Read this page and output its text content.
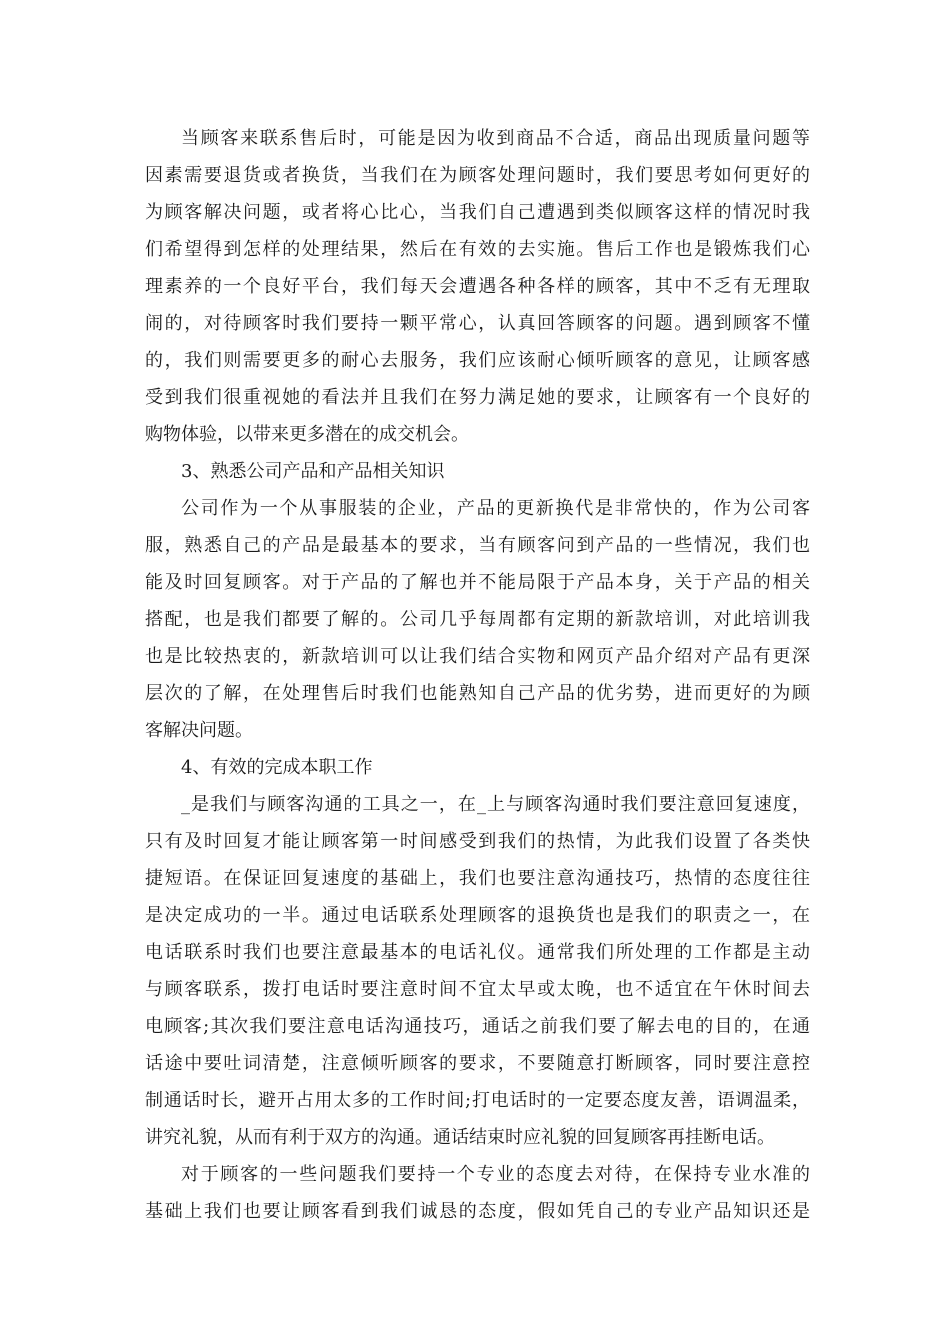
当顾客来联系售后时，可能是因为收到商品不合适，商品出现质量问题等
因素需要退货或者换货，当我们在为顾客处理问题时，我们要思考如何更好的
为顾客解决问题，或者将心比心，当我们自己遭遇到类似顾客这样的情况时我
们希望得到怎样的处理结果，然后在有效的去实施。售后工作也是锻炼我们心
理素养的一个良好平台，我们每天会遭遇各种各样的顾客，其中不乏有无理取
闹的，对待顾客时我们要持一颗平常心，认真回答顾客的问题。遇到顾客不懂
的，我们则需要更多的耐心去服务，我们应该耐心倾听顾客的意见，让顾客感
受到我们很重视她的看法并且我们在努力满足她的要求，让顾客有一个良好的
购物体验，以带来更多潜在的成交机会。
3、熟悉公司产品和产品相关知识
公司作为一个从事服装的企业，产品的更新换代是非常快的，作为公司客
服，熟悉自己的产品是最基本的要求，当有顾客问到产品的一些情况，我们也
能及时回复顾客。对于产品的了解也并不能局限于产品本身，关于产品的相关
搭配，也是我们都要了解的。公司几乎每周都有定期的新款培训，对此培训我
也是比较热衷的，新款培训可以让我们结合实物和网页产品介绍对产品有更深
层次的了解，在处理售后时我们也能熟知自己产品的优劣势，进而更好的为顾
客解决问题。
4、有效的完成本职工作
_是我们与顾客沟通的工具之一，在_上与顾客沟通时我们要注意回复速度，
只有及时回复才能让顾客第一时间感受到我们的热情，为此我们设置了各类快
捷短语。在保证回复速度的基础上，我们也要注意沟通技巧，热情的态度往往
是决定成功的一半。通过电话联系处理顾客的退换货也是我们的职责之一，在
电话联系时我们也要注意最基本的电话礼仪。通常我们所处理的工作都是主动
与顾客联系，拨打电话时要注意时间不宜太早或太晚，也不适宜在午休时间去
电顾客;其次我们要注意电话沟通技巧，通话之前我们要了解去电的目的，在通
话途中要吐词清楚，注意倾听顾客的要求，不要随意打断顾客，同时要注意控
制通话时长，避开占用太多的工作时间;打电话时的一定要态度友善，语调温柔，
讲究礼貌，从而有利于双方的沟通。通话结束时应礼貌的回复顾客再挂断电话。
对于顾客的一些问题我们要持一个专业的态度去对待，在保持专业水准的
基础上我们也要让顾客看到我们诚恳的态度，假如凭自己的专业产品知识还是
